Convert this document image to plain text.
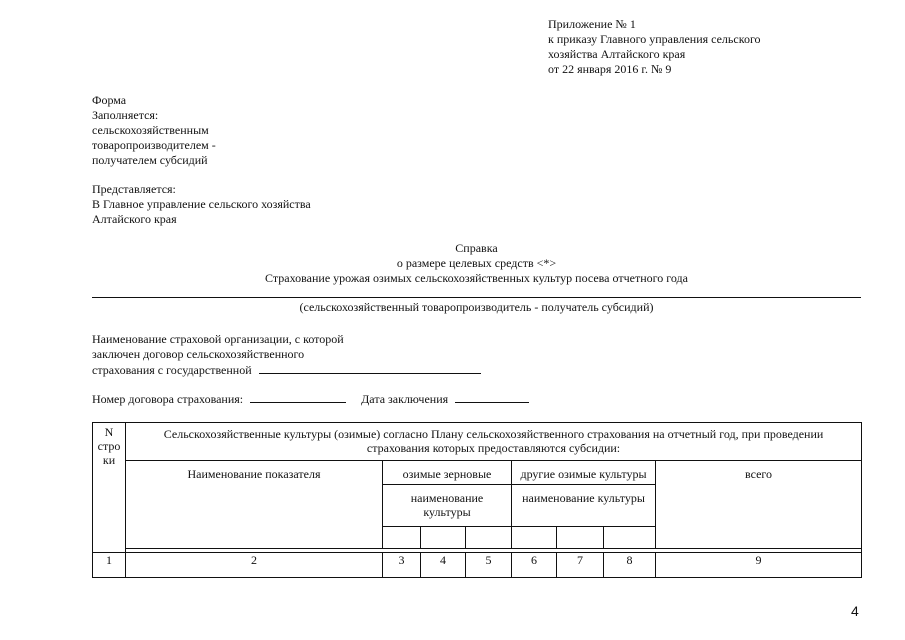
Приложение № 1
к приказу Главного управления сельского
хозяйства Алтайского края
от 22 января 2016 г. № 9
Форма
Заполняется:
сельскохозяйственным
товаропроизводителем -
получателем субсидий
Представляется:
В Главное управление сельского хозяйства
Алтайского края
Справка
о размере целевых средств <*>
Страхование урожая озимых сельскохозяйственных культур посева отчетного года
(сельскохозяйственный товаропроизводитель - получатель субсидий)
Наименование страховой организации, с которой
заключен договор сельскохозяйственного
страхования с государственной
Номер договора страхования:	Дата заключения
N
стро
ки	Сельскохозяйственные культуры (озимые) согласно Плану сельскохозяйственного страхования на отчетный год, при проведении страхования которых предоставляются субсидии:							
	Наименование показателя	озимые зерновые			другие озимые культуры			всего
		наименование культуры			наименование культуры			

1	2	3	4	5	6	7	8	9
4
